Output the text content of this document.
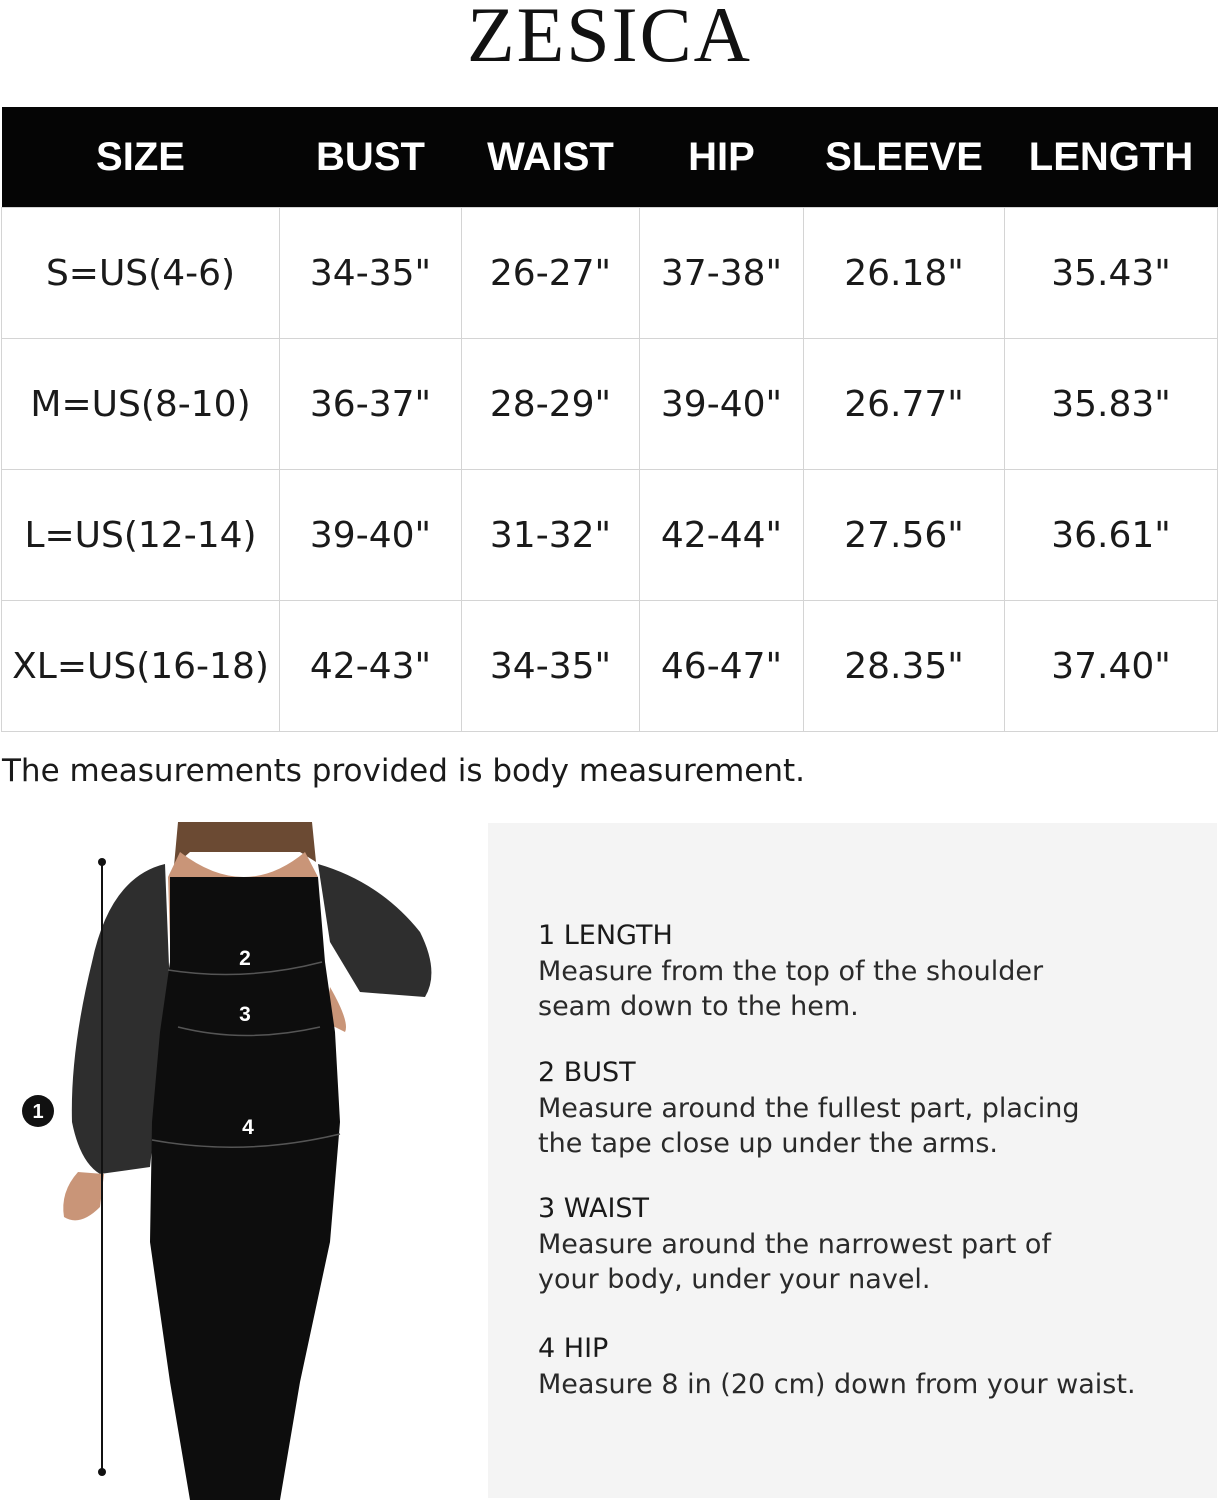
ZESICA
SIZE	BUST	WAIST	HIP	SLEEVE	LENGTH
S=US(4-6)	34-35"	26-27"	37-38"	26.18"	35.43"
M=US(8-10)	36-37"	28-29"	39-40"	26.77"	35.83"
L=US(12-14)	39-40"	31-32"	42-44"	27.56"	36.61"
XL=US(16-18)	42-43"	34-35"	46-47"	28.35"	37.40"
The measurements provided is body measurement.
1
2
3
4
1 LENGTH
Measure from the top of the shoulder
seam down to the hem.
2 BUST
Measure around the fullest part, placing
the tape close up under the arms.
3 WAIST
Measure around the narrowest part of
your body, under your navel.
4 HIP
Measure 8 in (20 cm) down from your waist.
